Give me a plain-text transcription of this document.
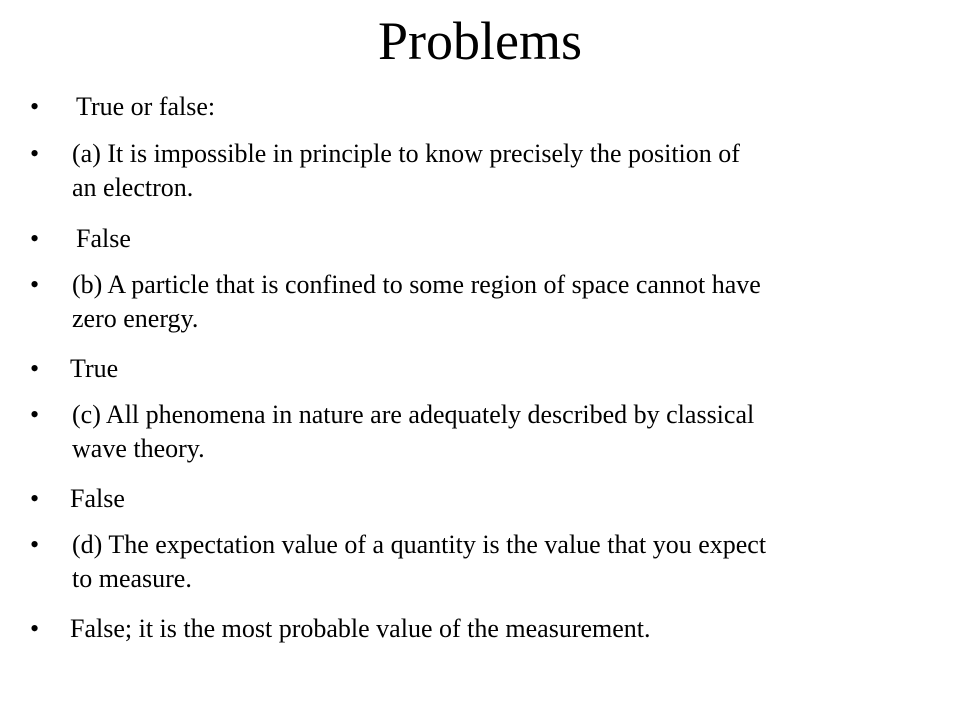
Problems
• True or false:
• (a) It is impossible in principle to know precisely the position of
an electron.
• False
• (b) A particle that is confined to some region of space cannot have
zero energy.
• True
• (c) All phenomena in nature are adequately described by classical
wave theory.
• False
• (d) The expectation value of a quantity is the value that you expect
to measure.
• False; it is the most probable value of the measurement.
